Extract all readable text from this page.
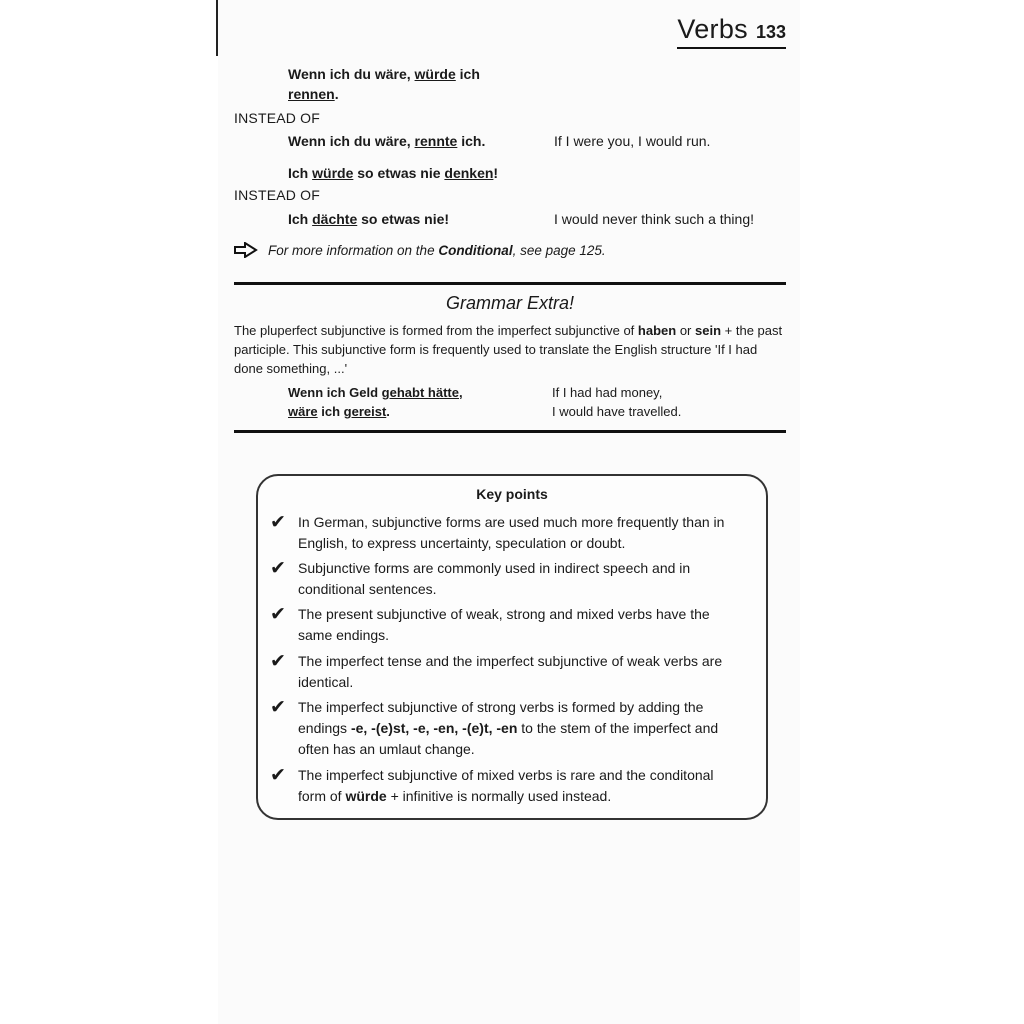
Verbs 133
Wenn ich du wäre, würde ich
rennen.
INSTEAD OF
Wenn ich du wäre, rennte ich.	If I were you, I would run.
Ich würde so etwas nie denken!
INSTEAD OF
Ich dächte so etwas nie!	I would never think such a thing!
For more information on the Conditional, see page 125.
Grammar Extra!
The pluperfect subjunctive is formed from the imperfect subjunctive of haben or sein + the past participle. This subjunctive form is frequently used to translate the English structure 'If I had done something, ...'
Wenn ich Geld gehabt hätte,
wäre ich gereist.
If I had had money,
I would have travelled.
Key points
✔ In German, subjunctive forms are used much more frequently than in English, to express uncertainty, speculation or doubt.
✔ Subjunctive forms are commonly used in indirect speech and in conditional sentences.
✔ The present subjunctive of weak, strong and mixed verbs have the same endings.
✔ The imperfect tense and the imperfect subjunctive of weak verbs are identical.
✔ The imperfect subjunctive of strong verbs is formed by adding the endings -e, -(e)st, -e, -en, -(e)t, -en to the stem of the imperfect and often has an umlaut change.
✔ The imperfect subjunctive of mixed verbs is rare and the conditonal form of würde + infinitive is normally used instead.
